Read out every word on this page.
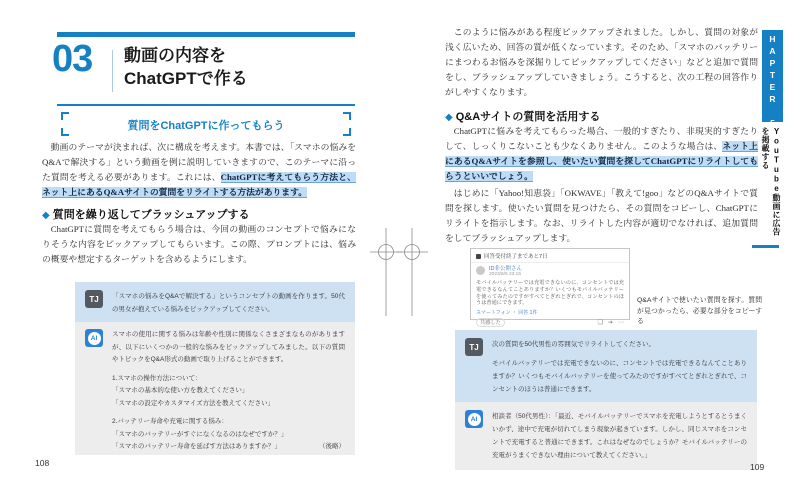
03 動画の内容を
ChatGPTで作る
質問をChatGPTに作ってもらう
動画のテーマが決まれば、次に構成を考えます。本書では、「スマホの悩みをQ&Aで解決する」という動画を例に説明していきますので、このテーマに沿った質問を考える必要があります。これには、ChatGPTに考えてもらう方法と、ネット上にあるQ&Aサイトの質問をリライトする方法があります。
◆ 質問を繰り返してブラッシュアップする
ChatGPTに質問を考えてもらう場合は、今回の動画のコンセプトで悩みになりそうな内容をピックアップしてもらいます。この際、プロンプトには、悩みの概要や想定するターゲットを含めるようにします。
TJ	「スマホの悩みをQ&Aで解決する」というコンセプトの動画を作ります。50代の男女が抱えている悩みをピックアップしてください。
AI	スマホの使用に関する悩みは年齢や性別に関係なくさまざまなものがありますが、以下にいくつかの一般的な悩みをピックアップしてみました。以下の質問やトピックをQ&A形式の動画で取り上げることができます。
1.スマホの操作方法について：
「スマホの基本的な使い方を教えてください」
「スマホの設定やカスタマイズ方法を教えてください」
2.バッテリー寿命や充電に関する悩み：
「スマホのバッテリーがすぐになくなるのはなぜですか？」
「スマホのバッテリー寿命を延ばす方法はありますか？」	（後略）
108
このように悩みがある程度ピックアップされました。しかし、質問の対象が浅く広いため、回答の質が低くなっています。そのため、「スマホのバッテリーにまつわるお悩みを深掘りしてピックアップしてください」などと追加で質問をし、ブラッシュアップしていきましょう。こうすると、次の工程の回答作りがしやすくなります。
◆ Q&Aサイトの質問を活用する
ChatGPTに悩みを考えてもらった場合、一般的すぎたり、非現実的すぎたりして、しっくりこないことも少なくありません。このような場合は、ネット上にあるQ&Aサイトを参照し、使いたい質問を探してChatGPTにリライトしてもらうといいでしょう。
はじめに「Yahoo!知恵袋」「OKWAVE」「教えて!goo」などのQ&Aサイトで質問を探します。使いたい質問を見つけたら、その質問をコピーし、ChatGPTにリライトを指示します。なお、リライトした内容が適切でなければ、追加質問をしてブラッシュアップします。
回答受付終了まであと7日
ID非公開さん
2023/6/5 23:15
モバイルバッテリーでは充電できないのに、コンセントでは充電できるなんてことありますか？いくつもモバイルバッテリーを使ってみたのですがすべてとぎれとぎれで、コンセントのほうは普通にできます。
スマートフォン ・ 回答 1件
共感した	❏ ➔ ⋯
Q&Aサイトで使いたい質問を探す。質問が見つかったら、必要な部分をコピーする
TJ	次の質問を50代男性の雰囲気でリライトしてください。
モバイルバッテリーでは充電できないのに、コンセントでは充電できるなんてことありますか？いくつもモバイルバッテリーを使ってみたのですがすべてとぎれとぎれで、コンセントのほうは普通にできます。
AI	相談者（50代男性）：「最近、モバイルバッテリーでスマホを充電しようとするとうまくいかず、途中で充電が切れてしまう現象が起きています。しかし、同じスマホをコンセントで充電すると普通にできます。これはなぜなのでしょうか？モバイルバッテリーの充電がうまくできない理由について教えてください。」
109
CHAPTER 5
YouTube動画に広告を掲載する
